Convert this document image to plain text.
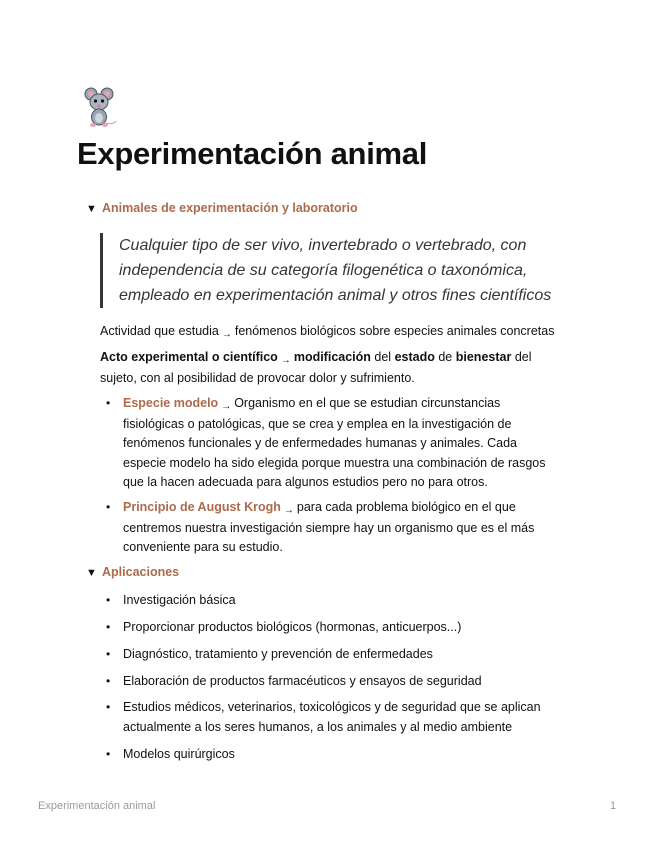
Experimentación animal
▼ Animales de experimentación y laboratorio
Cualquier tipo de ser vivo, invertebrado o vertebrado, con independencia de su categoría filogenética o taxonómica, empleado en experimentación animal y otros fines científicos
Actividad que estudia → fenómenos biológicos sobre especies animales concretas
Acto experimental o científico → modificación del estado de bienestar del sujeto, con al posibilidad de provocar dolor y sufrimiento.
• Especie modelo → Organismo en el que se estudian circunstancias fisiológicas o patológicas, que se crea y emplea en la investigación de fenómenos funcionales y de enfermedades humanas y animales. Cada especie modelo ha sido elegida porque muestra una combinación de rasgos que la hacen adecuada para algunos estudios pero no para otros.
• Principio de August Krogh → para cada problema biológico en el que centremos nuestra investigación siempre hay un organismo que es el más conveniente para su estudio.
▼ Aplicaciones
• Investigación básica
• Proporcionar productos biológicos (hormonas, anticuerpos...)
• Diagnóstico, tratamiento y prevención de enfermedades
• Elaboración de productos farmacéuticos y ensayos de seguridad
• Estudios médicos, veterinarios, toxicológicos y de seguridad que se aplican actualmente a los seres humanos, a los animales y al medio ambiente
• Modelos quirúrgicos
Experimentación animal	1
